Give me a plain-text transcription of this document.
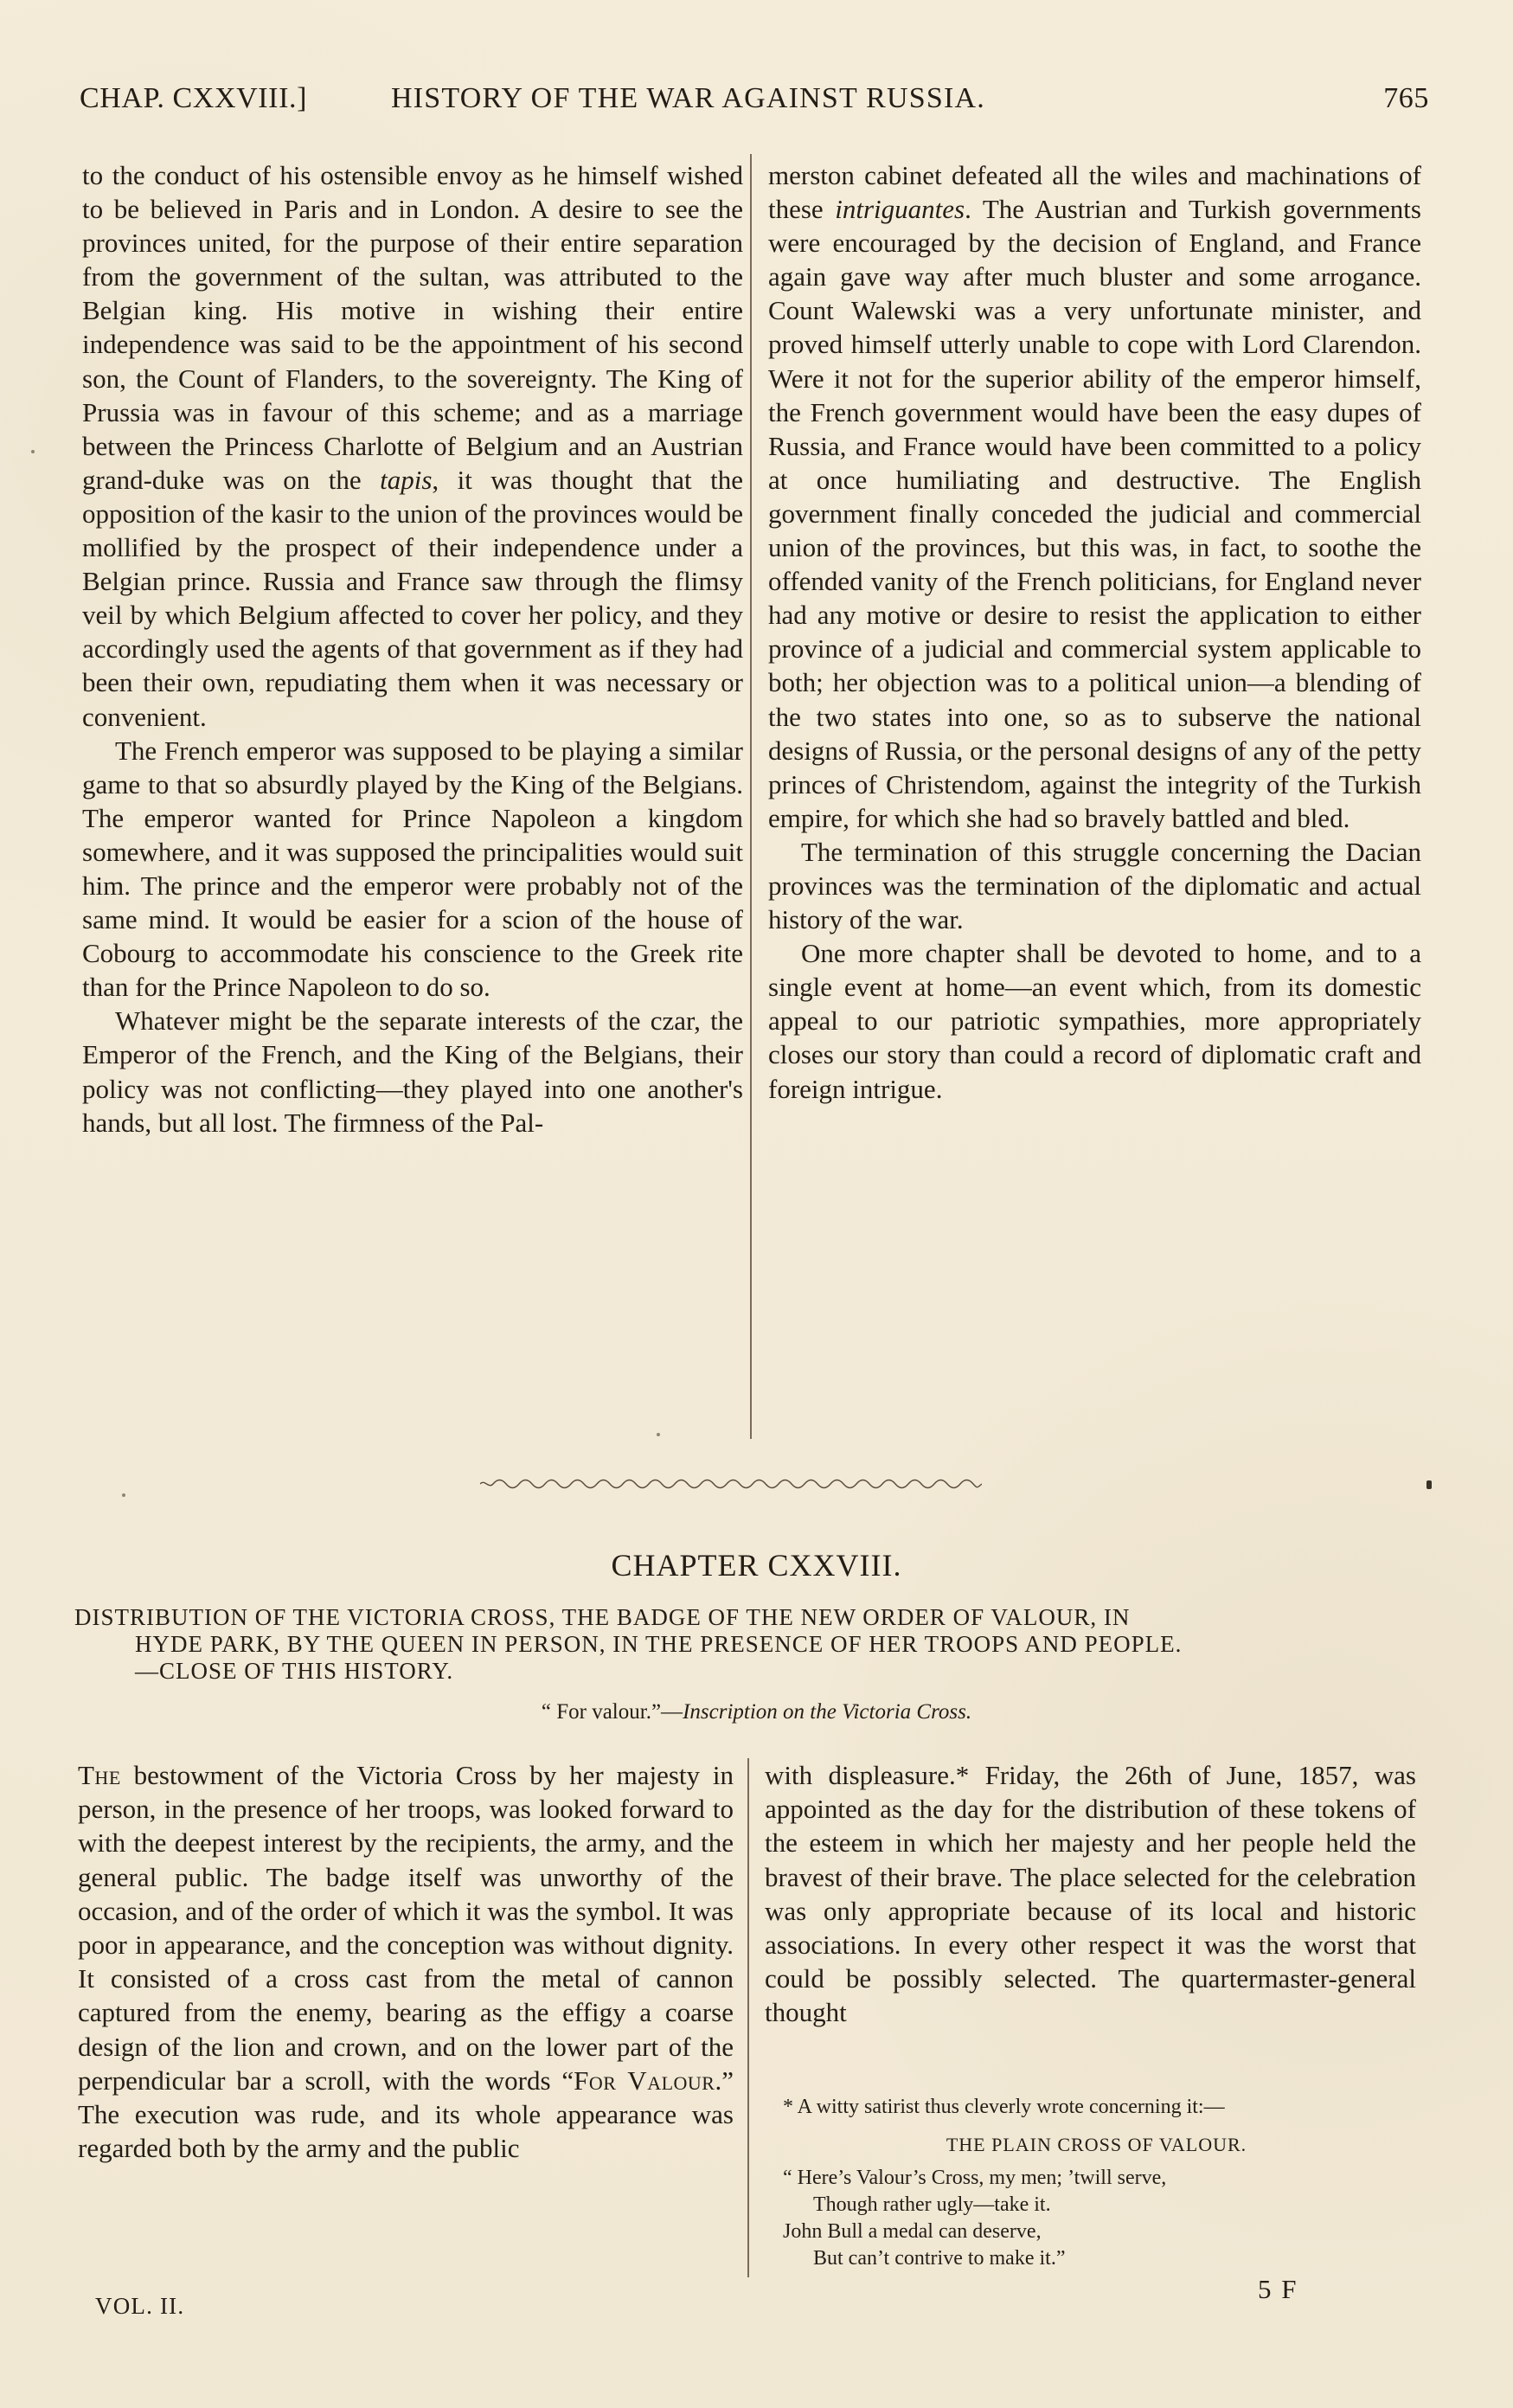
CHAP. CXXVIII.]	HISTORY OF THE WAR AGAINST RUSSIA.	765

to the conduct of his ostensible envoy as he himself wished to be believed in Paris and in London. A desire to see the provinces united, for the purpose of their entire separation from the government of the sultan, was attributed to the Belgian king. His motive in wishing their entire independence was said to be the appointment of his second son, the Count of Flanders, to the sovereignty. The King of Prussia was in favour of this scheme; and as a marriage between the Princess Charlotte of Belgium and an Austrian grand-duke was on the tapis, it was thought that the opposition of the kasir to the union of the provinces would be mollified by the prospect of their independence under a Belgian prince. Russia and France saw through the flimsy veil by which Belgium affected to cover her policy, and they accordingly used the agents of that government as if they had been their own, repudiating them when it was necessary or convenient.

The French emperor was supposed to be playing a similar game to that so absurdly played by the King of the Belgians. The emperor wanted for Prince Napoleon a kingdom somewhere, and it was supposed the principalities would suit him. The prince and the emperor were probably not of the same mind. It would be easier for a scion of the house of Cobourg to accommodate his conscience to the Greek rite than for the Prince Napoleon to do so.

Whatever might be the separate interests of the czar, the Emperor of the French, and the King of the Belgians, their policy was not conflicting—they played into one another's hands, but all lost. The firmness of the Pal-

merston cabinet defeated all the wiles and machinations of these intriguantes. The Austrian and Turkish governments were encouraged by the decision of England, and France again gave way after much bluster and some arrogance. Count Walewski was a very unfortunate minister, and proved himself utterly unable to cope with Lord Clarendon. Were it not for the superior ability of the emperor himself, the French government would have been the easy dupes of Russia, and France would have been committed to a policy at once humiliating and destructive. The English government finally conceded the judicial and commercial union of the provinces, but this was, in fact, to soothe the offended vanity of the French politicians, for England never had any motive or desire to resist the application to either province of a judicial and commercial system applicable to both; her objection was to a political union—a blending of the two states into one, so as to subserve the national designs of Russia, or the personal designs of any of the petty princes of Christendom, against the integrity of the Turkish empire, for which she had so bravely battled and bled.

The termination of this struggle concerning the Dacian provinces was the termination of the diplomatic and actual history of the war.

One more chapter shall be devoted to home, and to a single event at home—an event which, from its domestic appeal to our patriotic sympathies, more appropriately closes our story than could a record of diplomatic craft and foreign intrigue.

CHAPTER CXXVIII.
DISTRIBUTION OF THE VICTORIA CROSS, THE BADGE OF THE NEW ORDER OF VALOUR, IN
HYDE PARK, BY THE QUEEN IN PERSON, IN THE PRESENCE OF HER TROOPS AND PEOPLE.
—CLOSE OF THIS HISTORY.
“ For valour.”—Inscription on the Victoria Cross.

The bestowment of the Victoria Cross by her majesty in person, in the presence of her troops, was looked forward to with the deepest interest by the recipients, the army, and the general public. The badge itself was unworthy of the occasion, and of the order of which it was the symbol. It was poor in appearance, and the conception was without dignity. It consisted of a cross cast from the metal of cannon captured from the enemy, bearing as the effigy a coarse design of the lion and crown, and on the lower part of the perpendicular bar a scroll, with the words “For Valour.” The execution was rude, and its whole appearance was regarded both by the army and the public

with displeasure.* Friday, the 26th of June, 1857, was appointed as the day for the distribution of these tokens of the esteem in which her majesty and her people held the bravest of their brave. The place selected for the celebration was only appropriate because of its local and historic associations. In every other respect it was the worst that could be possibly selected. The quartermaster-general thought

* A witty satirist thus cleverly wrote concerning it:—
THE PLAIN CROSS OF VALOUR.
“ Here’s Valour’s Cross, my men; ’twill serve,
Though rather ugly—take it.
John Bull a medal can deserve,
But can’t contrive to make it.”
VOL. II.
5 F
